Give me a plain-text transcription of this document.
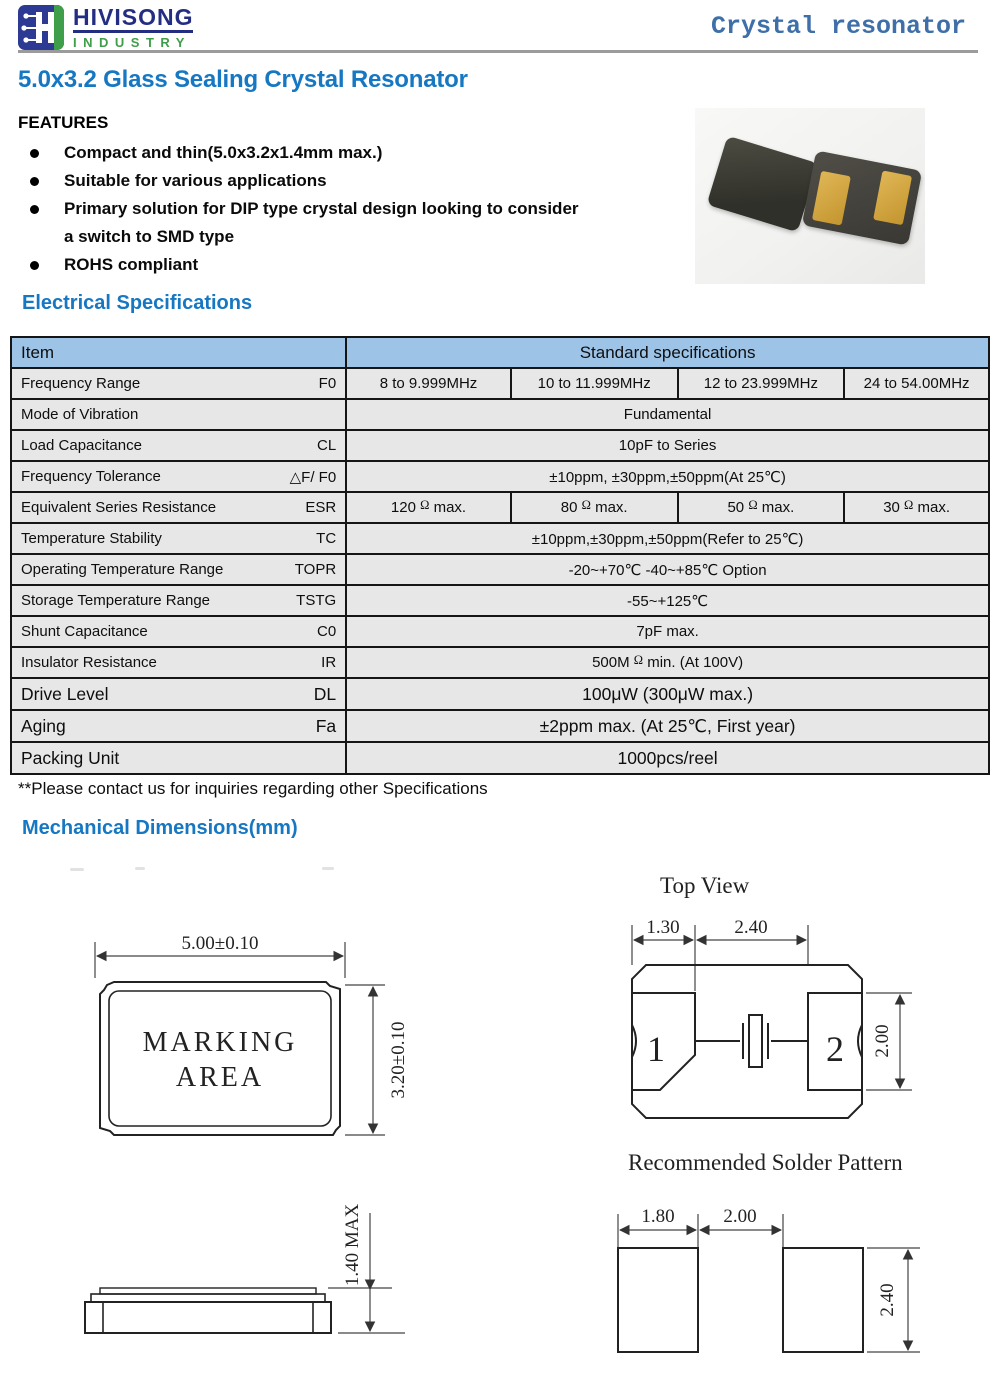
HIVISONG
INDUSTRY
Crystal resonator
5.0x3.2 Glass Sealing Crystal Resonator
FEATURES
Compact and thin(5.0x3.2x1.4mm max.)
Suitable for various applications
Primary solution for DIP type crystal design looking to consider
a switch to SMD type
ROHS compliant
Electrical Specifications
Item	Standard specifications			
Frequency Range F0	8 to 9.999MHz	10 to 11.999MHz	12 to 23.999MHz	24 to 54.00MHz
Mode of Vibration	Fundamental			
Load Capacitance CL	10pF to Series			
Frequency Tolerance △F/ F0	±10ppm, ±30ppm,±50ppm(At 25℃)			
Equivalent Series Resistance ESR	120 $^\Omega$ max.	80 $^\Omega$ max.	50 $^\Omega$ max.	30 $^\Omega$ max.
Temperature Stability TC	±10ppm,±30ppm,±50ppm(Refer to 25℃)			
Operating Temperature Range TOPR	-20~+70℃ -40~+85℃ Option			
Storage Temperature Range TSTG	-55~+125℃			
Shunt Capacitance C0	7pF max.			
Insulator Resistance IR	500M $^\Omega$ min. (At 100V)			
Drive Level DL	100μW (300μW max.)			
Aging Fa	±2ppm max. (At 25℃, First year)			
Packing Unit	1000pcs/reel			
**Please contact us for inquiries regarding other Specifications
Mechanical Dimensions(mm)
5.00±0.10
MARKING
AREA	3.20±0.10
Top View
1.30	2.40
1	2 2.00
Recommended Solder Pattern
1.80	2.00
2.40
1.40 MAX
